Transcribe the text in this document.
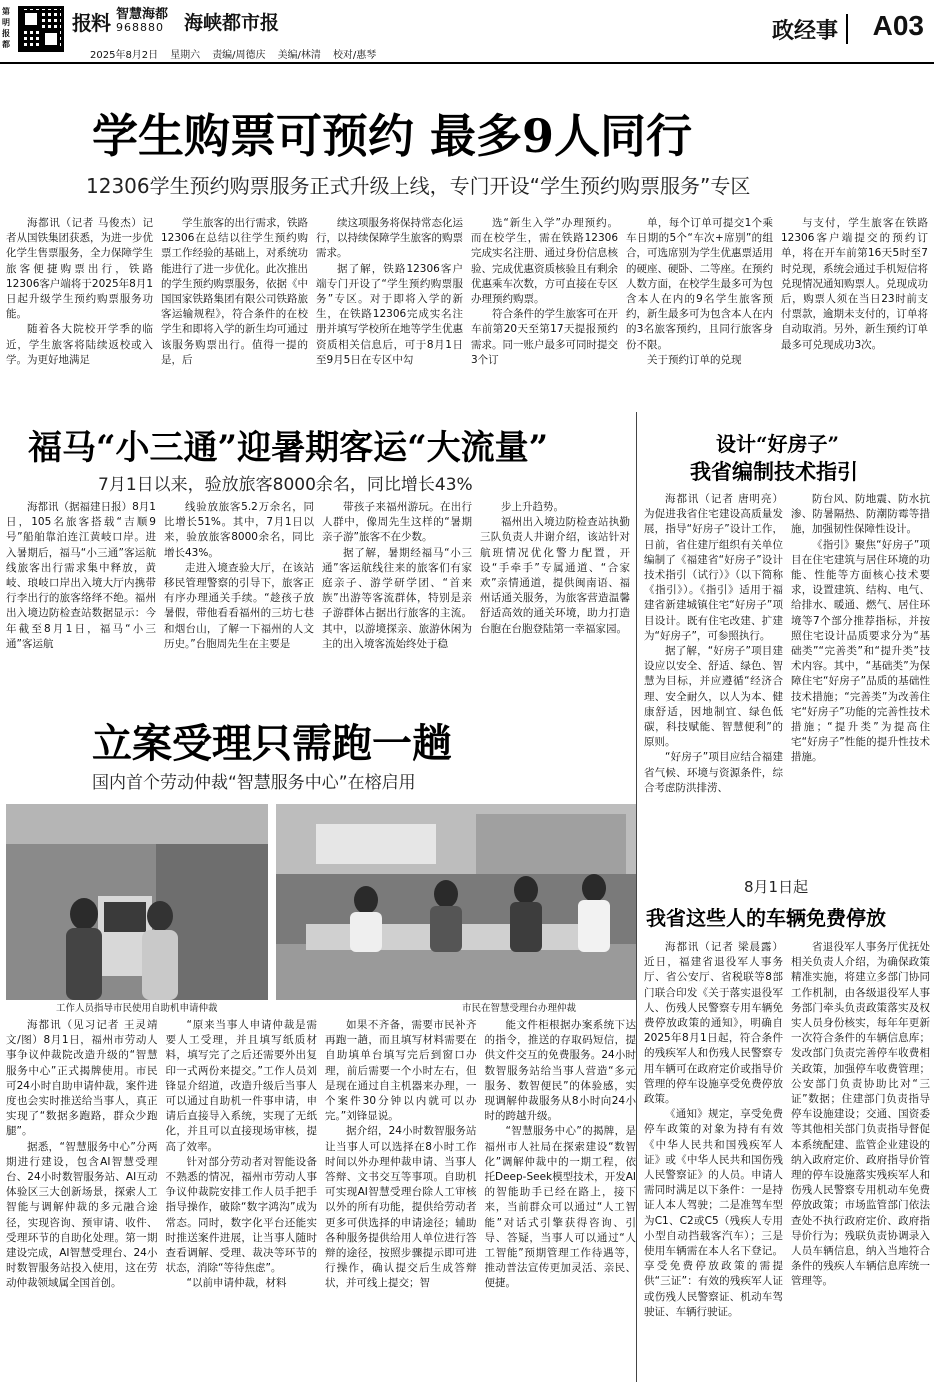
第明报都
报料 智慧海都
968880 海峡都市报
2025年8月2日 星期六 责编/周德庆 美编/林清 校对/惠琴
政经事 A03
学生购票可预约 最多9人同行
12306学生预约购票服务正式升级上线，专门开设“学生预约购票服务”专区

海都讯（记者 马俊杰）记者从国铁集团获悉，为进一步优化学生售票服务，全力保障学生旅客便捷购票出行，铁路12306客户端将于2025年8月1日起升级学生预约购票服务功能。

随着各大院校开学季的临近，学生旅客将陆续返校或入学。为更好地满足

学生旅客的出行需求，铁路12306在总结以往学生预约购票工作经验的基础上，对系统功能进行了进一步优化。此次推出的学生预约购票服务，依据《中国国家铁路集团有限公司铁路旅客运输规程》，符合条件的在校学生和即将入学的新生均可通过该服务购票出行。值得一提的是，后

续这项服务将保持常态化运行，以持续保障学生旅客的购票需求。

据了解，铁路12306客户端专门开设了“学生预约购票服务”专区。对于即将入学的新生，在铁路12306完成实名注册并填写学校所在地等学生优惠资质相关信息后，可于8月1日至9月5日在专区中勾

选“新生入学”办理预约。而在校学生，需在铁路12306完成实名注册、通过身份信息核验、完成优惠资质核验且有剩余优惠乘车次数，方可直接在专区办理预约购票。

符合条件的学生旅客可在开车前第20天至第17天提报预约需求。同一账户最多可同时提交3个订

单，每个订单可提交1个乘车日期的5个“车次+席别”的组合，可选席别为学生优惠票适用的硬座、硬卧、二等座。在预约人数方面，在校学生最多可为包含本人在内的9名学生旅客预约，新生最多可为包含本人在内的3名旅客预约，且同行旅客身份不限。

关于预约订单的兑现

与支付，学生旅客在铁路12306客户端提交的预约订单，将在开车前第16天5时至7时兑现，系统会通过手机短信将兑现情况通知购票人。兑现成功后，购票人须在当日23时前支付票款，逾期未支付的，订单将自动取消。另外，新生预约订单最多可兑现成功3次。

福马“小三通”迎暑期客运“大流量”
7月1日以来，验放旅客8000余名，同比增长43%

海都讯（据福建日报）8月1日，105名旅客搭载“吉顺9号”船舶靠泊连江黄岐口岸。进入暑期后，福马“小三通”客运航线旅客出行需求集中释放，黄岐、琅岐口岸出入境大厅内携带行李出行的旅客络绎不绝。福州出入境边防检查站数据显示：今年截至8月1日，福马“小三通”客运航

线验放旅客5.2万余名，同比增长51%。其中，7月1日以来，验放旅客8000余名，同比增长43%。

走进入境查验大厅，在该站移民管理警察的引导下，旅客正有序办理通关手续。“趁孩子放暑假，带他看看福州的三坊七巷和烟台山，了解一下福州的人文历史。”台胞周先生在主要是

带孩子来福州游玩。在出行人群中，像周先生这样的“暑期亲子游”旅客不在少数。

据了解，暑期经福马“小三通”客运航线往来的旅客们有家庭亲子、游学研学团、“首来族”出游等客流群体，特别是亲子游群体占据出行旅客的主流。其中，以游境探亲、旅游休闲为主的出入境客流始终处于稳

步上升趋势。

福州出入境边防检查站执勤三队负责人井谢介绍，该站针对航班情况优化警力配置，开设“手牵手”专属通道、“合家欢”亲情通道，提供闽南语、福州话通关服务，为旅客营造温馨舒适高效的通关环境，助力打造台胞在台胞登陆第一幸福家园。

立案受理只需跑一趟
国内首个劳动仲裁“智慧服务中心”在榕启用
工作人员指导市民使用自助机申请仲裁	市民在智慧受理台办理仲裁

海都讯（见习记者 王灵靖 文/图）8月1日，福州市劳动人事争议仲裁院改造升级的“智慧服务中心”正式揭牌使用。市民可24小时自助申请仲裁，案件进度也会实时推送给当事人，真正实现了“数据多跑路，群众少跑腿”。

据悉，“智慧服务中心”分两期进行建设，包含AI智慧受理台、24小时数智服务站、AI互动体验区三大创新场景，探索人工智能与调解仲裁的多元融合途径，实现咨询、预审请、收件、受理环节的自助化处理。第一期建设完成，AI智慧受理台、24小时数智服务站投入使用，这在劳动仲裁领域属全国首创。

“原来当事人申请仲裁是需要人工受理，并且填写纸质材料，填写完了之后还需要外出复印一式两份来提交。”工作人员刘锋显介绍道，改造升级后当事人可以通过自助机一件事申请，申请后直接导入系统，实现了无纸化，并且可以直接现场审核，提高了效率。

针对部分劳动者对智能设备不熟悉的情况，福州市劳动人事争议仲裁院安排工作人员手把手指导操作，破除“数字鸿沟”成为常态。同时，数字化平台还能实时推送案件进展，让当事人随时查看调解、受理、裁决等环节的状态，消除“等待焦虑”。

“以前申请仲裁，材料

如果不齐备，需要市民补齐再跑一趟，而且填写材料需要在自助填单台填写完后到窗口办理，前后需要一个小时左右，但是现在通过自主机器来办理，一个案件30分钟以内就可以办完。”刘锋显说。

据介绍，24小时数智服务站让当事人可以选择在8小时工作时间以外办理仲裁申请、当事人答辩、文书交互等事项。自助机可实现AI智慧受理台除人工审核以外的所有功能，提供给劳动者更多可供选择的申请途径；辅助各种服务提供给用人单位进行答辩的途径，按照步骤提示即可进行操作，确认提交后生成答辩状，并可线上提交；智

能文件柜根据办案系统下达的指令，推送的存取码短信，提供文件交互的免费服务。24小时数智服务站给当事人营造“多元服务、数智便民”的体验感，实现调解仲裁服务从8小时向24小时的跨越升级。

“智慧服务中心”的揭牌，是福州市人社局在探索建设“数智化”调解仲裁中的一期工程，依托Deep-Seek模型技术，开发AI的智能助手已经在路上，接下来，当前群众可以通过“人工智能”对话式引擎获得咨询、引导、答疑，当事人可以通过“人工智能”预期管理工作待遇等，推动普法宣传更加灵活、亲民、便捷。

设计“好房子”
我省编制技术指引

海都讯（记者 唐明亮）为促进我省住宅建设高质量发展，指导“好房子”设计工作，日前，省住建厅组织有关单位编制了《福建省“好房子”设计技术指引（试行）》（以下简称《指引》）。《指引》适用于福建省新建城镇住宅“好房子”项目设计。既有住宅改建、扩建为“好房子”，可参照执行。

据了解，“好房子”项目建设应以安全、舒适、绿色、智慧为目标，并应遵循“经济合理、安全耐久，以人为本、健康舒适，因地制宜、绿色低碳，科技赋能、智慧便利”的原则。

“好房子”项目应结合福建省气候、环境与资源条件，综合考虑防洪排涝、

防台风、防地震、防水抗渗、防暑隔热、防潮防霉等措施，加强韧性保障性设计。

《指引》聚焦“好房子”项目在住宅建筑与居住环境的功能、性能等方面核心技术要求，设置建筑、结构、电气、给排水、暖通、燃气、居住环境等7个部分推荐指标，并按照住宅设计品质要求分为“基础类”“完善类”和“提升类”技术内容。其中，“基础类”为保障住宅“好房子”品质的基础性技术措施；“完善类”为改善住宅“好房子”功能的完善性技术措施；“提升类”为提高住宅“好房子”性能的提升性技术措施。

8月1日起
我省这些人的车辆免费停放

海都讯（记者 梁晨露）近日，福建省退役军人事务厅、省公安厅、省税联等8部门联合印发《关于落实退役军人、伤残人民警察专用车辆免费停放政策的通知》，明确自2025年8月1日起，符合条件的残疾军人和伤残人民警察专用车辆可在政府定价或指导价管理的停车设施享受免费停放政策。

《通知》规定，享受免费停车政策的对象为持有有效《中华人民共和国残疾军人证》或《中华人民共和国伤残人民警察证》的人员。申请人需同时满足以下条件：一是持证人本人驾驶；二是准驾车型为C1、C2或C5（残疾人专用小型自动挡载客汽车）；三是使用车辆需在本人名下登记。享受免费停放政策的需提供“三证”：有效的残疾军人证或伤残人民警察证、机动车驾驶证、车辆行驶证。

省退役军人事务厅优抚处相关负责人介绍，为确保政策精准实施，将建立多部门协同工作机制，由各级退役军人事务部门牵头负责政策落实及权实人员身份核实，每年年更新一次符合条件的车辆信息库；发改部门负责完善停车收费相关政策，加强停车收费管理；公安部门负责协助比对“三证”数据；住建部门负责指导停车设施建设；交通、国资委等其他相关部门负责指导督促本系统配建、监管企业建设的纳入政府定价、政府指导价管理的停车设施落实残疾军人和伤残人民警察专用机动车免费停放政策；市场监管部门依法查处不执行政府定价、政府指导价行为；残联负责协调录入人员车辆信息，纳入当地符合条件的残疾人车辆信息库统一管理等。
